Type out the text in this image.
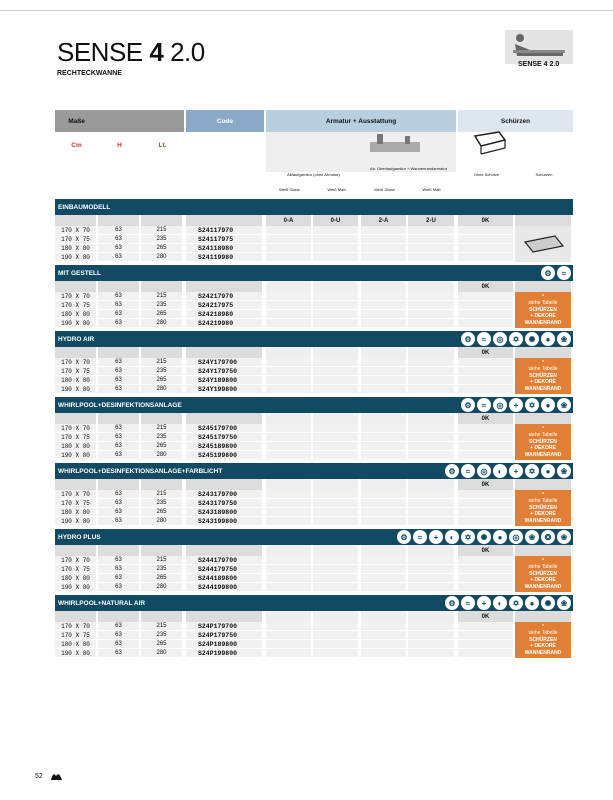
SENSE 4 2.0
RECHTECKWANNE
SENSE 4 2.0
Maße	Code	Armatur + Ausstattung	Schürzen
Cm	H	Lt.
Ablaufgarnitur (ohne Armatur)
Ab- Überlaufgarnitur + Wannenrandarmatur
Ohne Schürze	Schürzen
Weiß Glanz	Weiß Matt	Weiß Glanz	Weiß Matt
EINBAUMODELL
0-A	0-U	2-A	2-U	0K
170 X 70	63	215	S24117970
170 X 75	63	235	S24117975
180 X 80	63	265	S24118980
190 X 80	63	280	S24119980
MIT GESTELL	⚙	≈
0K
170 X 70	63	215	S24217970
170 X 75	63	235	S24217975
180 X 80	63	265	S24218980
190 X 80	63	280	S24219980
*
siehe Tabelle
SCHÜRZEN
+ DEKORE
WANNENRAND
HYDRO AIR	⚙	≈	◎	✡	✺	●	❀
0K
170 X 70	63	215	S24Y179700
170 X 75	63	235	S24Y179750
180 X 80	63	265	S24Y189800
190 X 80	63	280	S24Y199800
*
siehe Tabelle
SCHÜRZEN
+ DEKORE
WANNENRAND
WHIRLPOOL+DESINFEKTIONSANLAGE	⚙	≈	◎	+	✡	●	❀
0K
170 X 70	63	215	S245179700
170 X 75	63	235	S245179750
180 X 80	63	265	S245189800
190 X 80	63	280	S245199800
*
siehe Tabelle
SCHÜRZEN
+ DEKORE
WANNENRAND
WHIRLPOOL+DESINFEKTIONSANLAGE+FARBLICHT	⚙	≈	◎	◐	+	✡	●	❀
0K
170 X 70	63	215	S243179700
170 X 75	63	235	S243179750
180 X 80	63	265	S243189800
190 X 80	63	280	S243199800
*
siehe Tabelle
SCHÜRZEN
+ DEKORE
WANNENRAND
HYDRO PLUS	⚙	≈	+	◐	✡	✺	●	◎	❀	❂	❀
0K
170 X 70	63	215	S244179700
170 X 75	63	235	S244179750
180 X 80	63	265	S244189800
190 X 80	63	280	S244199800
*
siehe Tabelle
SCHÜRZEN
+ DEKORE
WANNENRAND
WHIRLPOOL+NATURAL AIR	⚙	≈	+	◐	✡	●	✺	❀
0K
170 X 70	63	215	S24P179700
170 X 75	63	235	S24P179750
180 X 80	63	265	S24P189800
190 X 80	63	280	S24P199800
*
siehe Tabelle
SCHÜRZEN
+ DEKORE
WANNENRAND
52
